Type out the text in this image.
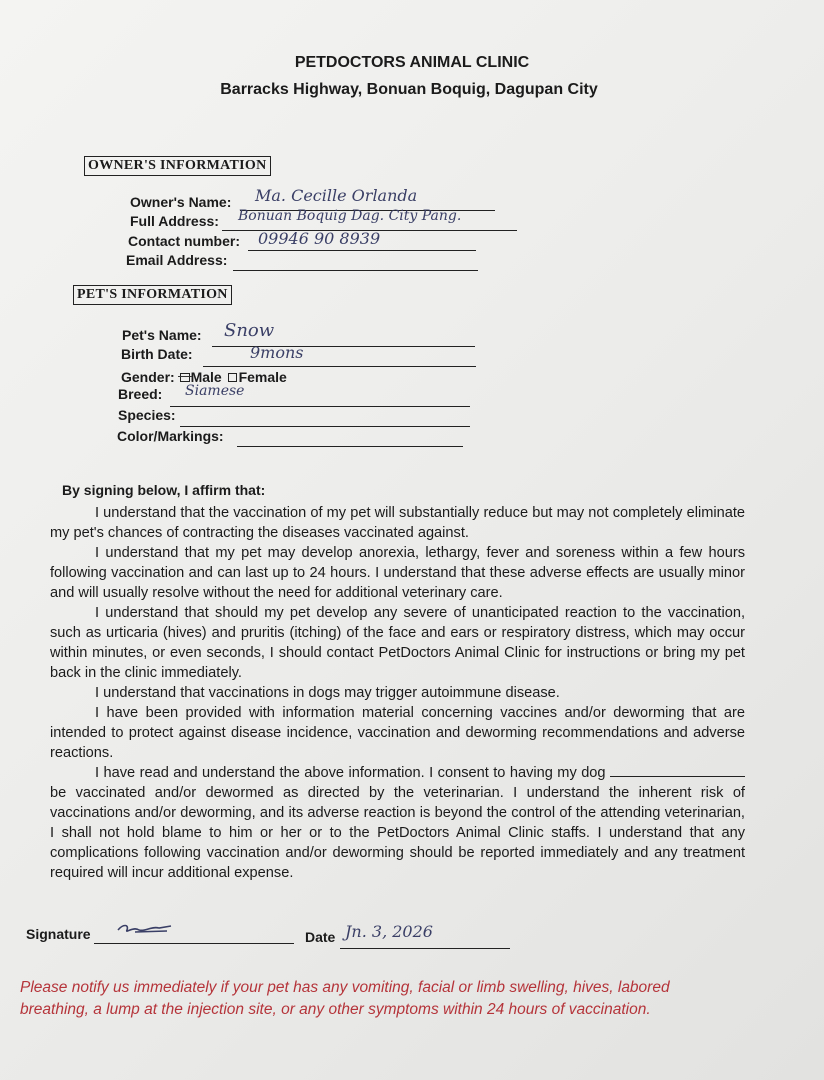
PETDOCTORS ANIMAL CLINIC
Barracks Highway, Bonuan Boquig, Dagupan City
OWNER'S INFORMATION
Owner's Name: Ma. Cecille Orlanda
Full Address: Bonuan Boquig Dag. City Pang.
Contact number: 09946 90 8939
Email Address:
PET'S INFORMATION
Pet's Name: Snow
Birth Date:	9mons
Gender: Male Female
Breed: Siamese
Species:
Color/Markings:
By signing below, I affirm that:

I understand that the vaccination of my pet will substantially reduce but may not completely eliminate my pet's chances of contracting the diseases vaccinated against.

I understand that my pet may develop anorexia, lethargy, fever and soreness within a few hours following vaccination and can last up to 24 hours. I understand that these adverse effects are usually minor and will usually resolve without the need for additional veterinary care.

I understand that should my pet develop any severe of unanticipated reaction to the vaccination, such as urticaria (hives) and pruritis (itching) of the face and ears or respiratory distress, which may occur within minutes, or even seconds, I should contact PetDoctors Animal Clinic for instructions or bring my pet back in the clinic immediately.

I understand that vaccinations in dogs may trigger autoimmune disease.

I have been provided with information material concerning vaccines and/or deworming that are intended to protect against disease incidence, vaccination and deworming recommendations and adverse reactions.

I have read and understand the above information. I consent to having my dog  be vaccinated and/or dewormed as directed by the veterinarian. I understand the inherent risk of vaccinations and/or deworming, and its adverse reaction is beyond the control of the attending veterinarian, I shall not hold blame to him or her or to the PetDoctors Animal Clinic staffs. I understand that any complications following vaccination and/or deworming should be reported immediately and any treatment required will incur additional expense.

Signature	Date Jn. 3, 2026
Please notify us immediately if your pet has any vomiting, facial or limb swelling, hives, labored breathing, a lump at the injection site, or any other symptoms within 24 hours of vaccination.
